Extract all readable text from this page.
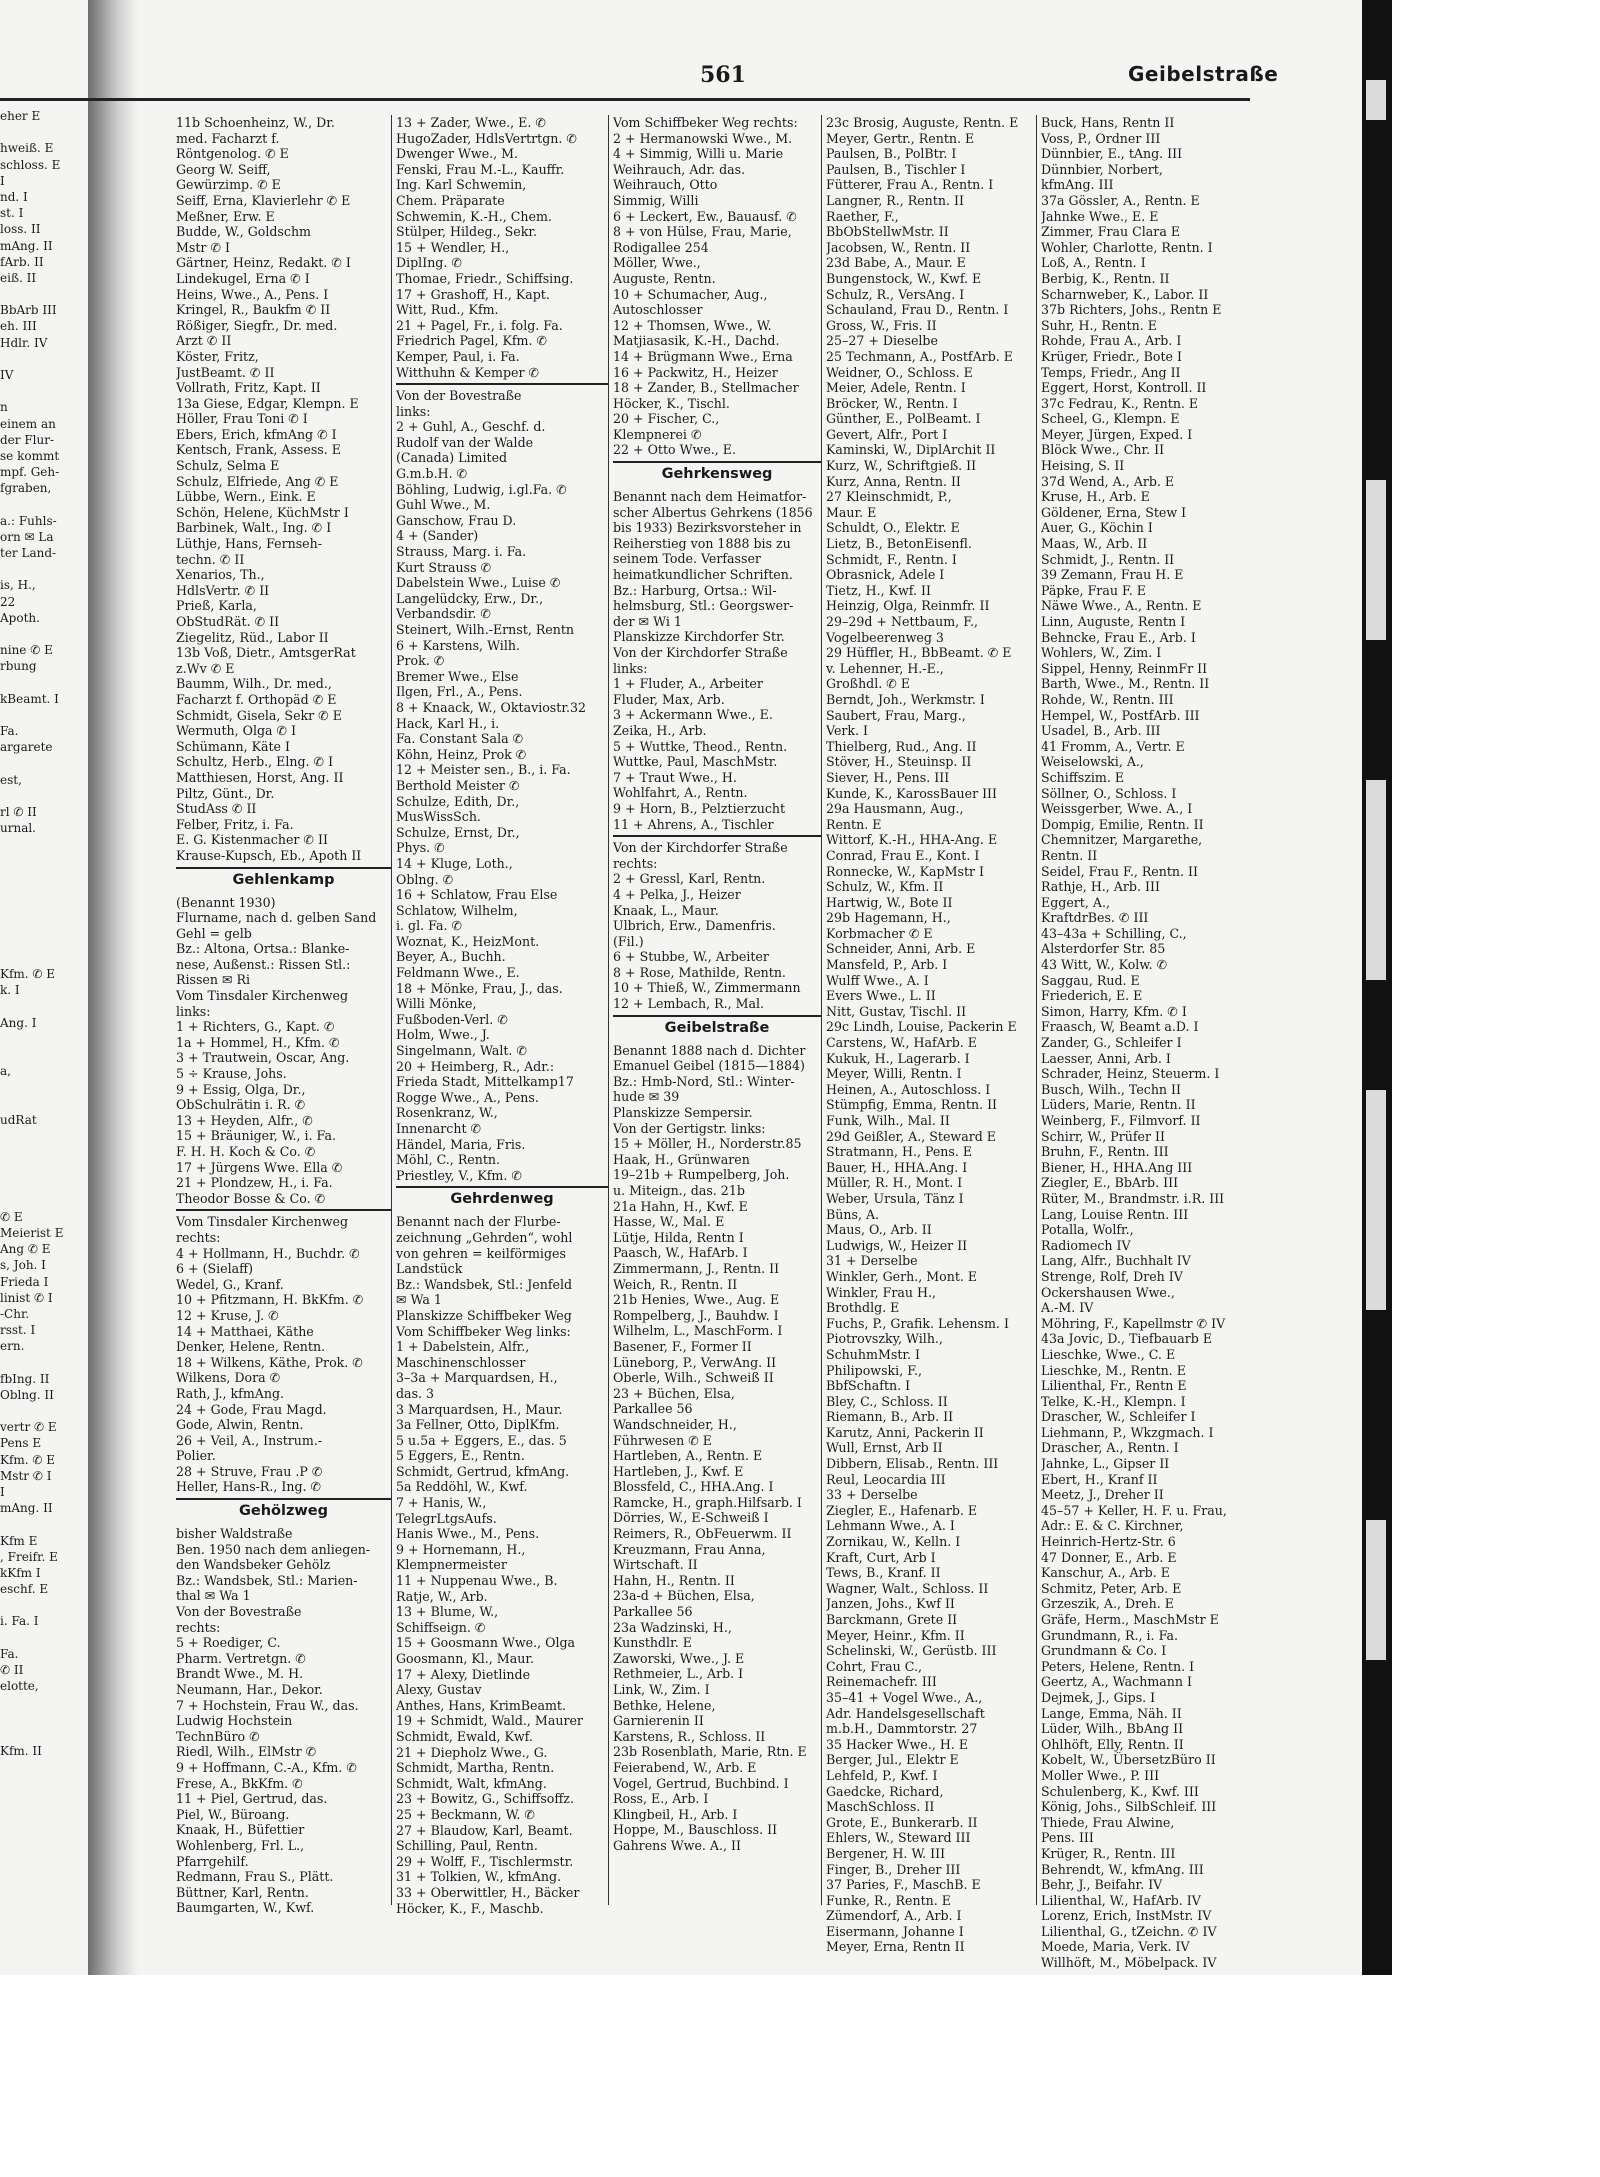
eher E
hweiß. E
schloss. E
I
nd. I
st. I
loss. II
mAng. II
fArb. II
eiß. II
BbArb III
eh. III
Hdlr. IV
IV
n
einem an
der Flur-
se kommt
mpf. Geh-
fgraben,
a.: Fuhls-
orn ✉ La
ter Land-
is, H.,
22
Apoth.
nine ✆ E
rbung
kBeamt. I
Fa.
argarete
est,
rl ✆ II
urnal.
Kfm. ✆ E
k. I
Ang. I
a,
udRat
✆ E
Meierist E
Ang ✆ E
s, Joh. I
Frieda I
linist ✆ I
-Chr.
rsst. I
ern.
fbIng. II
Oblng. II
vertr ✆ E
Pens E
Kfm. ✆ E
Mstr ✆ I
I
mAng. II
Kfm E
, Freifr. E
kKfm I
eschf. E
i. Fa. I
Fa.
✆ II
elotte,
Kfm. II
561	Geibelstraße
11b Schoenheinz, W., Dr.
med. Facharzt f.
Röntgenolog. ✆ E
Georg W. Seiff,
Gewürzimp. ✆ E
Seiff, Erna, Klavierlehr ✆ E
Meßner, Erw. E
Budde, W., Goldschm
Mstr ✆ I
Gärtner, Heinz, Redakt. ✆ I
Lindekugel, Erna ✆ I
Heins, Wwe., A., Pens. I
Kringel, R., Baukfm ✆ II
Rößiger, Siegfr., Dr. med.
Arzt ✆ II
Köster, Fritz,
JustBeamt. ✆ II
Vollrath, Fritz, Kapt. II
13a Giese, Edgar, Klempn. E
Höller, Frau Toni ✆ I
Ebers, Erich, kfmAng ✆ I
Kentsch, Frank, Assess. E
Schulz, Selma E
Schulz, Elfriede, Ang ✆ E
Lübbe, Wern., Eink. E
Schön, Helene, KüchMstr I
Barbinek, Walt., Ing. ✆ I
Lüthje, Hans, Fernseh-
techn. ✆ II
Xenarios, Th.,
HdlsVertr. ✆ II
Prieß, Karla,
ObStudRät. ✆ II
Ziegelitz, Rüd., Labor II
13b Voß, Dietr., AmtsgerRat
z.Wv ✆ E
Baumm, Wilh., Dr. med.,
Facharzt f. Orthopäd ✆ E
Schmidt, Gisela, Sekr ✆ E
Wermuth, Olga ✆ I
Schümann, Käte I
Schultz, Herb., Elng. ✆ I
Matthiesen, Horst, Ang. II
Piltz, Günt., Dr.
StudAss ✆ II
Felber, Fritz, i. Fa.
E. G. Kistenmacher ✆ II
Krause-Kupsch, Eb., Apoth II
Gehlenkamp
(Benannt 1930)
Flurname, nach d. gelben Sand
Gehl = gelb
Bz.: Altona, Ortsa.: Blanke-
nese, Außenst.: Rissen Stl.:
Rissen ✉ Ri
Vom Tinsdaler Kirchenweg
links:
1 + Richters, G., Kapt. ✆
1a + Hommel, H., Kfm. ✆
3 + Trautwein, Oscar, Ang.
5 ÷ Krause, Johs.
9 + Essig, Olga, Dr.,
ObSchulrätin i. R. ✆
13 + Heyden, Alfr., ✆
15 + Bräuniger, W., i. Fa.
F. H. H. Koch & Co. ✆
17 + Jürgens Wwe. Ella ✆
21 + Plondzew, H., i. Fa.
Theodor Bosse & Co. ✆
Vom Tinsdaler Kirchenweg
rechts:
4 + Hollmann, H., Buchdr. ✆
6 + (Sielaff)
Wedel, G., Kranf.
10 + Pfitzmann, H. BkKfm. ✆
12 + Kruse, J. ✆
14 + Matthaei, Käthe
Denker, Helene, Rentn.
18 + Wilkens, Käthe, Prok. ✆
Wilkens, Dora ✆
Rath, J., kfmAng.
24 + Gode, Frau Magd.
Gode, Alwin, Rentn.
26 + Veil, A., Instrum.-
Polier.
28 + Struve, Frau .P ✆
Heller, Hans-R., Ing. ✆
Gehölzweg
bisher Waldstraße
Ben. 1950 nach dem anliegen-
den Wandsbeker Gehölz
Bz.: Wandsbek, Stl.: Marien-
thal ✉ Wa 1
Von der Bovestraße
rechts:
5 + Roediger, C.
Pharm. Vertretgn. ✆
Brandt Wwe., M. H.
Neumann, Har., Dekor.
7 + Hochstein, Frau W., das.
Ludwig Hochstein
TechnBüro ✆
Riedl, Wilh., ElMstr ✆
9 + Hoffmann, C.-A., Kfm. ✆
Frese, A., BkKfm. ✆
11 + Piel, Gertrud, das.
Piel, W., Büroang.
Knaak, H., Büfettier
Wohlenberg, Frl. L.,
Pfarrgehilf.
Redmann, Frau S., Plätt.
Büttner, Karl, Rentn.
Baumgarten, W., Kwf.
13 + Zader, Wwe., E. ✆
HugoZader, HdlsVertrtgn. ✆
Dwenger Wwe., M.
Fenski, Frau M.-L., Kauffr.
Ing. Karl Schwemin,
Chem. Präparate
Schwemin, K.-H., Chem.
Stülper, Hildeg., Sekr.
15 + Wendler, H.,
DiplIng. ✆
Thomae, Friedr., Schiffsing.
17 + Grashoff, H., Kapt.
Witt, Rud., Kfm.
21 + Pagel, Fr., i. folg. Fa.
Friedrich Pagel, Kfm. ✆
Kemper, Paul, i. Fa.
Witthuhn & Kemper ✆
Von der Bovestraße
links:
2 + Guhl, A., Geschf. d.
Rudolf van der Walde
(Canada) Limited
G.m.b.H. ✆
Böhling, Ludwig, i.gl.Fa. ✆
Guhl Wwe., M.
Ganschow, Frau D.
4 + (Sander)
Strauss, Marg. i. Fa.
Kurt Strauss ✆
Dabelstein Wwe., Luise ✆
Langelüdcky, Erw., Dr.,
Verbandsdir. ✆
Steinert, Wilh.-Ernst, Rentn
6 + Karstens, Wilh.
Prok. ✆
Bremer Wwe., Else
Ilgen, Frl., A., Pens.
8 + Knaack, W., Oktaviostr.32
Hack, Karl H., i.
Fa. Constant Sala ✆
Köhn, Heinz, Prok ✆
12 + Meister sen., B., i. Fa.
Berthold Meister ✆
Schulze, Edith, Dr.,
MusWissSch.
Schulze, Ernst, Dr.,
Phys. ✆
14 + Kluge, Loth.,
Oblng. ✆
16 + Schlatow, Frau Else
Schlatow, Wilhelm,
i. gl. Fa. ✆
Woznat, K., HeizMont.
Beyer, A., Buchh.
Feldmann Wwe., E.
18 + Mönke, Frau, J., das.
Willi Mönke,
Fußboden-Verl. ✆
Holm, Wwe., J.
Singelmann, Walt. ✆
20 + Heimberg, R., Adr.:
Frieda Stadt, Mittelkamp17
Rogge Wwe., A., Pens.
Rosenkranz, W.,
Innenarcht ✆
Händel, Maria, Fris.
Möhl, C., Rentn.
Priestley, V., Kfm. ✆
Gehrdenweg
Benannt nach der Flurbe-
zeichnung „Gehrden“, wohl
von gehren = keilförmiges
Landstück
Bz.: Wandsbek, Stl.: Jenfeld
✉ Wa 1
Planskizze Schiffbeker Weg
Vom Schiffbeker Weg links:
1 + Dabelstein, Alfr.,
Maschinenschlosser
3–3a + Marquardsen, H.,
das. 3
3 Marquardsen, H., Maur.
3a Fellner, Otto, DiplKfm.
5 u.5a + Eggers, E., das. 5
5 Eggers, E., Rentn.
Schmidt, Gertrud, kfmAng.
5a Reddöhl, W., Kwf.
7 + Hanis, W.,
TelegrLtgsAufs.
Hanis Wwe., M., Pens.
9 + Hornemann, H.,
Klempnermeister
11 + Nuppenau Wwe., B.
Ratje, W., Arb.
13 + Blume, W.,
Schiffseign. ✆
15 + Goosmann Wwe., Olga
Goosmann, Kl., Maur.
17 + Alexy, Dietlinde
Alexy, Gustav
Anthes, Hans, KrimBeamt.
19 + Schmidt, Wald., Maurer
Schmidt, Ewald, Kwf.
21 + Diepholz Wwe., G.
Schmidt, Martha, Rentn.
Schmidt, Walt, kfmAng.
23 + Bowitz, G., Schiffsoffz.
25 + Beckmann, W. ✆
27 + Blaudow, Karl, Beamt.
Schilling, Paul, Rentn.
29 + Wolff, F., Tischlermstr.
31 + Tolkien, W., kfmAng.
33 + Oberwittler, H., Bäcker
Höcker, K., F., Maschb.
Vom Schiffbeker Weg rechts:
2 + Hermanowski Wwe., M.
4 + Simmig, Willi u. Marie
Weihrauch, Adr. das.
Weihrauch, Otto
Simmig, Willi
6 + Leckert, Ew., Bauausf. ✆
8 + von Hülse, Frau, Marie,
Rodigallee 254
Möller, Wwe.,
Auguste, Rentn.
10 + Schumacher, Aug.,
Autoschlosser
12 + Thomsen, Wwe., W.
Matjiasasik, K.-H., Dachd.
14 + Brügmann Wwe., Erna
16 + Packwitz, H., Heizer
18 + Zander, B., Stellmacher
Höcker, K., Tischl.
20 + Fischer, C.,
Klempnerei ✆
22 + Otto Wwe., E.
Gehrkensweg
Benannt nach dem Heimatfor-
scher Albertus Gehrkens (1856
bis 1933) Bezirksvorsteher in
Reiherstieg von 1888 bis zu
seinem Tode. Verfasser
heimatkundlicher Schriften.
Bz.: Harburg, Ortsa.: Wil-
helmsburg, Stl.: Georgswer-
der ✉ Wi 1
Planskizze Kirchdorfer Str.
Von der Kirchdorfer Straße
links:
1 + Fluder, A., Arbeiter
Fluder, Max, Arb.
3 + Ackermann Wwe., E.
Zeika, H., Arb.
5 + Wuttke, Theod., Rentn.
Wuttke, Paul, MaschMstr.
7 + Traut Wwe., H.
Wohlfahrt, A., Rentn.
9 + Horn, B., Pelztierzucht
11 + Ahrens, A., Tischler
Von der Kirchdorfer Straße
rechts:
2 + Gressl, Karl, Rentn.
4 + Pelka, J., Heizer
Knaak, L., Maur.
Ulbrich, Erw., Damenfris.
(Fil.)
6 + Stubbe, W., Arbeiter
8 + Rose, Mathilde, Rentn.
10 + Thieß, W., Zimmermann
12 + Lembach, R., Mal.
Geibelstraße
Benannt 1888 nach d. Dichter
Emanuel Geibel (1815—1884)
Bz.: Hmb-Nord, Stl.: Winter-
hude ✉ 39
Planskizze Sempersir.
Von der Gertigstr. links:
15 + Möller, H., Norderstr.85
Haak, H., Grünwaren
19–21b + Rumpelberg, Joh.
u. Miteign., das. 21b
21a Hahn, H., Kwf. E
Hasse, W., Mal. E
Lütje, Hilda, Rentn I
Paasch, W., HafArb. I
Zimmermann, J., Rentn. II
Weich, R., Rentn. II
21b Henies, Wwe., Aug. E
Rompelberg, J., Bauhdw. I
Wilhelm, L., MaschForm. I
Basener, F., Former II
Lüneborg, P., VerwAng. II
Oberle, Wilh., Schweiß II
23 + Büchen, Elsa,
Parkallee 56
Wandschneider, H.,
Führwesen ✆ E
Hartleben, A., Rentn. E
Hartleben, J., Kwf. E
Blossfeld, C., HHA.Ang. I
Ramcke, H., graph.Hilfsarb. I
Dörries, W., E-Schweiß I
Reimers, R., ObFeuerwm. II
Kreuzmann, Frau Anna,
Wirtschaft. II
Hahn, H., Rentn. II
23a-d + Büchen, Elsa,
Parkallee 56
23a Wadzinski, H.,
Kunsthdlr. E
Zaworski, Wwe., J. E
Rethmeier, L., Arb. I
Link, W., Zim. I
Bethke, Helene,
Garnierenin II
Karstens, R., Schloss. II
23b Rosenblath, Marie, Rtn. E
Feierabend, W., Arb. E
Vogel, Gertrud, Buchbind. I
Ross, E., Arb. I
Klingbeil, H., Arb. I
Hoppe, M., Bauschloss. II
Gahrens Wwe. A., II
23c Brosig, Auguste, Rentn. E
Meyer, Gertr., Rentn. E
Paulsen, B., PolBtr. I
Paulsen, B., Tischler I
Fütterer, Frau A., Rentn. I
Langner, R., Rentn. II
Raether, F.,
BbObStellwMstr. II
Jacobsen, W., Rentn. II
23d Babe, A., Maur. E
Bungenstock, W., Kwf. E
Schulz, R., VersAng. I
Schauland, Frau D., Rentn. I
Gross, W., Fris. II
25–27 + Dieselbe
25 Techmann, A., PostfArb. E
Weidner, O., Schloss. E
Meier, Adele, Rentn. I
Bröcker, W., Rentn. I
Günther, E., PolBeamt. I
Gevert, Alfr., Port I
Kaminski, W., DiplArchit II
Kurz, W., Schriftgieß. II
Kurz, Anna, Rentn. II
27 Kleinschmidt, P.,
Maur. E
Schuldt, O., Elektr. E
Lietz, B., BetonEisenfl.
Schmidt, F., Rentn. I
Obrasnick, Adele I
Tietz, H., Kwf. II
Heinzig, Olga, Reinmfr. II
29–29d + Nettbaum, F.,
Vogelbeerenweg 3
29 Hüffler, H., BbBeamt. ✆ E
v. Lehenner, H.-E.,
Großhdl. ✆ E
Berndt, Joh., Werkmstr. I
Saubert, Frau, Marg.,
Verk. I
Thielberg, Rud., Ang. II
Stöver, H., Steuinsp. II
Siever, H., Pens. III
Kunde, K., KarossBauer III
29a Hausmann, Aug.,
Rentn. E
Wittorf, K.-H., HHA-Ang. E
Conrad, Frau E., Kont. I
Ronnecke, W., KapMstr I
Schulz, W., Kfm. II
Hartwig, W., Bote II
29b Hagemann, H.,
Korbmacher ✆ E
Schneider, Anni, Arb. E
Mansfeld, P., Arb. I
Wulff Wwe., A. I
Evers Wwe., L. II
Nitt, Gustav, Tischl. II
29c Lindh, Louise, Packerin E
Carstens, W., HafArb. E
Kukuk, H., Lagerarb. I
Meyer, Willi, Rentn. I
Heinen, A., Autoschloss. I
Stümpfig, Emma, Rentn. II
Funk, Wilh., Mal. II
29d Geißler, A., Steward E
Stratmann, H., Pens. E
Bauer, H., HHA.Ang. I
Müller, R. H., Mont. I
Weber, Ursula, Tänz I
Büns, A.
Maus, O., Arb. II
Ludwigs, W., Heizer II
31 + Derselbe
Winkler, Gerh., Mont. E
Winkler, Frau H.,
Brothdlg. E
Fuchs, P., Grafik. Lehensm. I
Piotrovszky, Wilh.,
SchuhmMstr. I
Philipowski, F.,
BbfSchaftn. I
Bley, C., Schloss. II
Riemann, B., Arb. II
Karutz, Anni, Packerin II
Wull, Ernst, Arb II
Dibbern, Elisab., Rentn. III
Reul, Leocardia III
33 + Derselbe
Ziegler, E., Hafenarb. E
Lehmann Wwe., A. I
Zornikau, W., Kelln. I
Kraft, Curt, Arb I
Tews, B., Kranf. II
Wagner, Walt., Schloss. II
Janzen, Johs., Kwf II
Barckmann, Grete II
Meyer, Heinr., Kfm. II
Schelinski, W., Gerüstb. III
Cohrt, Frau C.,
Reinemachefr. III
35–41 + Vogel Wwe., A.,
Adr. Handelsgesellschaft
m.b.H., Dammtorstr. 27
35 Hacker Wwe., H. E
Berger, Jul., Elektr E
Lehfeld, P., Kwf. I
Gaedcke, Richard,
MaschSchloss. II
Grote, E., Bunkerarb. II
Ehlers, W., Steward III
Bergener, H. W. III
Finger, B., Dreher III
37 Paries, F., MaschB. E
Funke, R., Rentn. E
Zümendorf, A., Arb. I
Eisermann, Johanne I
Meyer, Erna, Rentn II
Buck, Hans, Rentn II
Voss, P., Ordner III
Dünnbier, E., tAng. III
Dünnbier, Norbert,
kfmAng. III
37a Gössler, A., Rentn. E
Jahnke Wwe., E. E
Zimmer, Frau Clara E
Wohler, Charlotte, Rentn. I
Loß, A., Rentn. I
Berbig, K., Rentn. II
Scharnweber, K., Labor. II
37b Richters, Johs., Rentn E
Suhr, H., Rentn. E
Rohde, Frau A., Arb. I
Krüger, Friedr., Bote I
Temps, Friedr., Ang II
Eggert, Horst, Kontroll. II
37c Fedrau, K., Rentn. E
Scheel, G., Klempn. E
Meyer, Jürgen, Exped. I
Blöck Wwe., Chr. II
Heising, S. II
37d Wend, A., Arb. E
Kruse, H., Arb. E
Göldener, Erna, Stew I
Auer, G., Köchin I
Maas, W., Arb. II
Schmidt, J., Rentn. II
39 Zemann, Frau H. E
Päpke, Frau F. E
Näwe Wwe., A., Rentn. E
Linn, Auguste, Rentn I
Behncke, Frau E., Arb. I
Wohlers, W., Zim. I
Sippel, Henny, ReinmFr II
Barth, Wwe., M., Rentn. II
Rohde, W., Rentn. III
Hempel, W., PostfArb. III
Usadel, B., Arb. III
41 Fromm, A., Vertr. E
Weiselowski, A.,
Schiffszim. E
Söllner, O., Schloss. I
Weissgerber, Wwe. A., I
Dompig, Emilie, Rentn. II
Chemnitzer, Margarethe,
Rentn. II
Seidel, Frau F., Rentn. II
Rathje, H., Arb. III
Eggert, A.,
KraftdrBes. ✆ III
43–43a + Schilling, C.,
Alsterdorfer Str. 85
43 Witt, W., Kolw. ✆
Saggau, Rud. E
Friederich, E. E
Simon, Harry, Kfm. ✆ I
Fraasch, W, Beamt a.D. I
Zander, G., Schleifer I
Laesser, Anni, Arb. I
Schrader, Heinz, Steuerm. I
Busch, Wilh., Techn II
Lüders, Marie, Rentn. II
Weinberg, F., Filmvorf. II
Schirr, W., Prüfer II
Bruhn, F., Rentn. III
Biener, H., HHA.Ang III
Ziegler, E., BbArb. III
Rüter, M., Brandmstr. i.R. III
Lang, Louise Rentn. III
Potalla, Wolfr.,
Radiomech IV
Lang, Alfr., Buchhalt IV
Strenge, Rolf, Dreh IV
Ockershausen Wwe.,
A.-M. IV
Möhring, F., Kapellmstr ✆ IV
43a Jovic, D., Tiefbauarb E
Lieschke, Wwe., C. E
Lieschke, M., Rentn. E
Lilienthal, Fr., Rentn E
Telke, K.-H., Klempn. I
Drascher, W., Schleifer I
Liehmann, P., Wkzgmach. I
Drascher, A., Rentn. I
Jahnke, L., Gipser II
Ebert, H., Kranf II
Meetz, J., Dreher II
45–57 + Keller, H. F. u. Frau,
Adr.: E. & C. Kirchner,
Heinrich-Hertz-Str. 6
47 Donner, E., Arb. E
Kanschur, A., Arb. E
Schmitz, Peter, Arb. E
Grzeszik, A., Dreh. E
Gräfe, Herm., MaschMstr E
Grundmann, R., i. Fa.
Grundmann & Co. I
Peters, Helene, Rentn. I
Geertz, A., Wachmann I
Dejmek, J., Gips. I
Lange, Emma, Näh. II
Lüder, Wilh., BbAng II
Ohlhöft, Elly, Rentn. II
Kobelt, W., ÜbersetzBüro II
Moller Wwe., P. III
Schulenberg, K., Kwf. III
König, Johs., SilbSchleif. III
Thiede, Frau Alwine,
Pens. III
Krüger, R., Rentn. III
Behrendt, W., kfmAng. III
Behr, J., Beifahr. IV
Lilienthal, W., HafArb. IV
Lorenz, Erich, InstMstr. IV
Lilienthal, G., tZeichn. ✆ IV
Moede, Maria, Verk. IV
Willhöft, M., Möbelpack. IV
